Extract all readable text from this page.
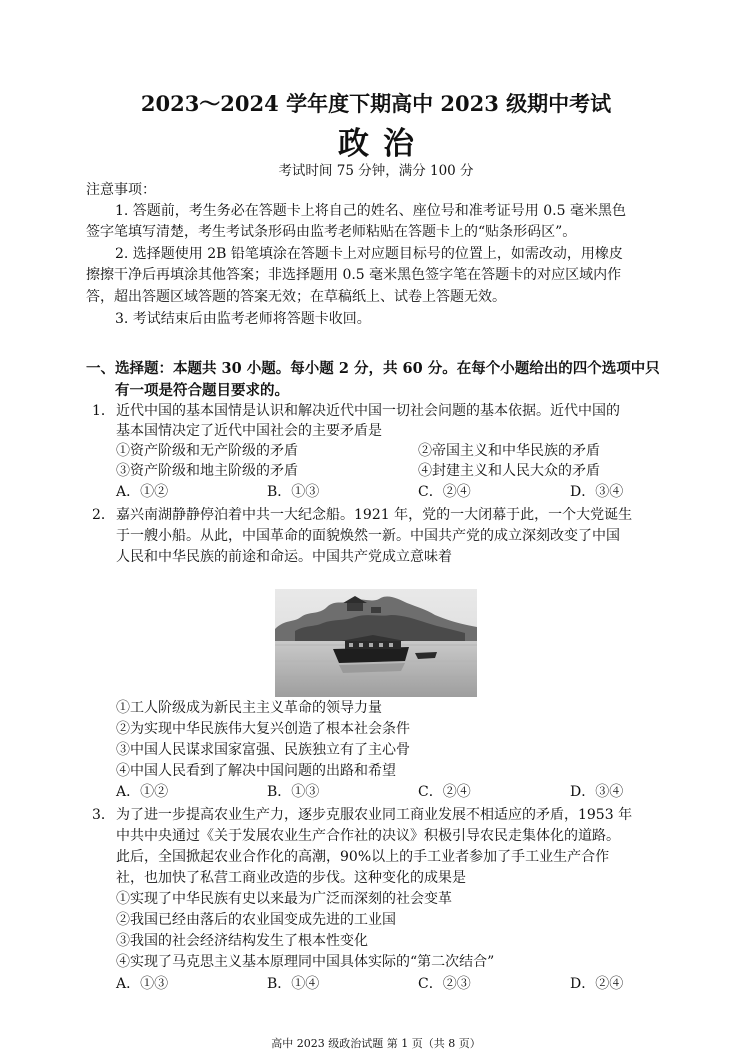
2023～2024 学年度下期高中 2023 级期中考试
政治
考试时间 75 分钟，满分 100 分
注意事项：
1. 答题前，考生务必在答题卡上将自己的姓名、座位号和准考证号用 0.5 毫米黑色
签字笔填写清楚，考生考试条形码由监考老师粘贴在答题卡上的“贴条形码区”。
2. 选择题使用 2B 铅笔填涂在答题卡上对应题目标号的位置上，如需改动，用橡皮
擦擦干净后再填涂其他答案；非选择题用 0.5 毫米黑色签字笔在答题卡的对应区域内作
答，超出答题区域答题的答案无效；在草稿纸上、试卷上答题无效。
3. 考试结束后由监考老师将答题卡收回。
一、选择题：本题共 30 小题。每小题 2 分，共 60 分。在每个小题给出的四个选项中只
有一项是符合题目要求的。
1． 近代中国的基本国情是认识和解决近代中国一切社会问题的基本依据。近代中国的
基本国情决定了近代中国社会的主要矛盾是
①资产阶级和无产阶级的矛盾	②帝国主义和中华民族的矛盾
③资产阶级和地主阶级的矛盾	④封建主义和人民大众的矛盾
A．①②	B．①③	C．②④	D．③④
2． 嘉兴南湖静静停泊着中共一大纪念船。1921 年，党的一大闭幕于此，一个大党诞生
于一艘小船。从此，中国革命的面貌焕然一新。中国共产党的成立深刻改变了中国
人民和中华民族的前途和命运。中国共产党成立意味着
①工人阶级成为新民主主义革命的领导力量
②为实现中华民族伟大复兴创造了根本社会条件
③中国人民谋求国家富强、民族独立有了主心骨
④中国人民看到了解决中国问题的出路和希望
A．①②	B．①③	C．②④	D．③④
3． 为了进一步提高农业生产力，逐步克服农业同工商业发展不相适应的矛盾，1953 年
中共中央通过《关于发展农业生产合作社的决议》积极引导农民走集体化的道路。
此后，全国掀起农业合作化的高潮，90%以上的手工业者参加了手工业生产合作
社，也加快了私营工商业改造的步伐。这种变化的成果是
①实现了中华民族有史以来最为广泛而深刻的社会变革
②我国已经由落后的农业国变成先进的工业国
③我国的社会经济结构发生了根本性变化
④实现了马克思主义基本原理同中国具体实际的“第二次结合”
A．①③	B．①④	C．②③	D．②④
高中 2023 级政治试题 第 1 页（共 8 页）
